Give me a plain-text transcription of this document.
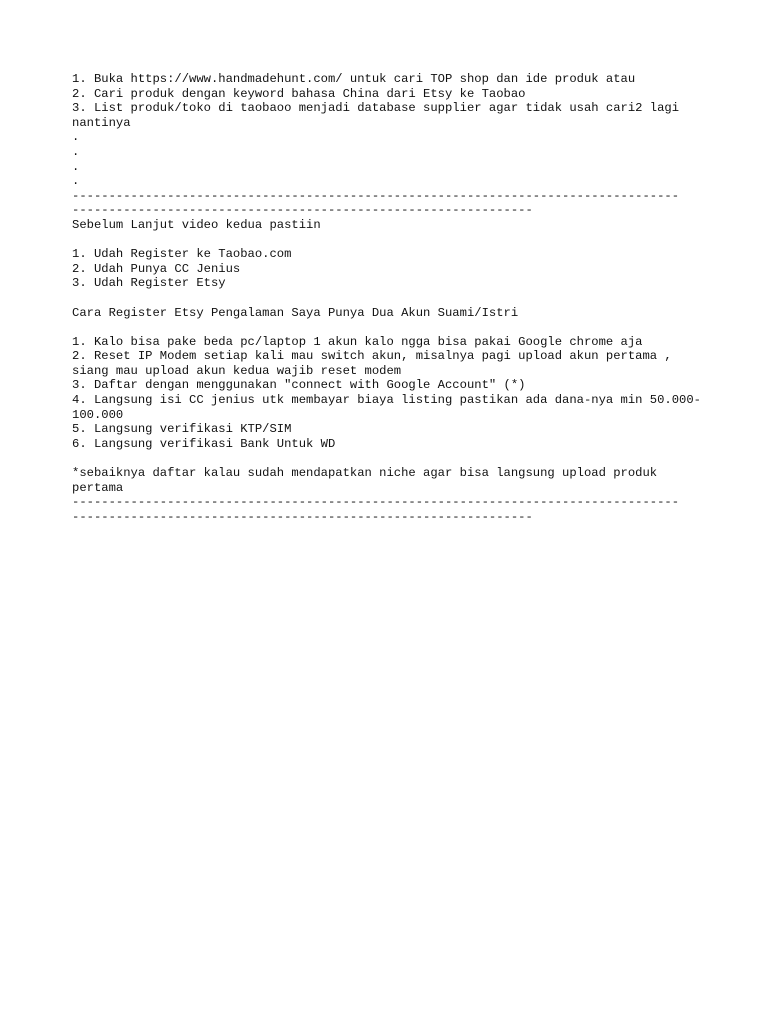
1. Buka https://www.handmadehunt.com/ untuk cari TOP shop dan ide produk atau
2. Cari produk dengan keyword bahasa China dari Etsy ke Taobao
3. List produk/toko di taobaoo menjadi database supplier agar tidak usah cari2 lagi nantinya
.
.
.
.
-----------------------------------------------------------------------------------
---------------------------------------------------------------
Sebelum Lanjut video kedua pastiin
1. Udah Register ke Taobao.com
2. Udah Punya CC Jenius
3. Udah Register Etsy
Cara Register Etsy Pengalaman Saya Punya Dua Akun Suami/Istri
1. Kalo bisa pake beda pc/laptop 1 akun kalo ngga bisa pakai Google chrome aja
2. Reset IP Modem setiap kali mau switch akun, misalnya pagi upload akun pertama , siang mau upload akun kedua wajib reset modem
3. Daftar dengan menggunakan "connect with Google Account" (*)
4. Langsung isi CC jenius utk membayar biaya listing pastikan ada dana-nya min 50.000-100.000
5. Langsung verifikasi KTP/SIM
6. Langsung verifikasi Bank Untuk WD
*sebaiknya daftar kalau sudah mendapatkan niche agar bisa langsung upload produk pertama
-----------------------------------------------------------------------------------
---------------------------------------------------------------
